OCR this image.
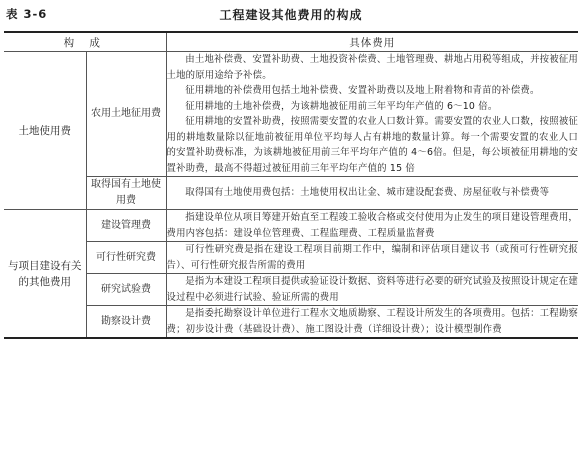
表 3-6	工程建设其他费用的构成
构 成		具体费用
土地使用费	农用土地征用费	由土地补偿费、安置补助费、土地投资补偿费、土地管理费、耕地占用税等组成，并按被征用土地的原用途给予补偿。
征用耕地的补偿费用包括土地补偿费、安置补助费以及地上附着物和青苗的补偿费。
征用耕地的土地补偿费，为该耕地被征用前三年平均年产值的 6～10 倍。
征用耕地的安置补助费，按照需要安置的农业人口数计算。需要安置的农业人口数，按照被征用的耕地数量除以征地前被征用单位平均每人占有耕地的数量计算。每一个需要安置的农业人口的安置补助费标准，为该耕地被征用前三年平均年产值的 4～6倍。但是，每公顷被征用耕地的安置补助费，最高不得超过被征用前三年平均年产值的 15 倍

	取得国有土地使用费	取得国有土地使用费包括：土地使用权出让金、城市建设配套费、房屋征收与补偿费等

与项目建设有关的其他费用	建设管理费	指建设单位从项目筹建开始直至工程竣工验收合格或交付使用为止发生的项目建设管理费用，费用内容包括：建设单位管理费、工程监理费、工程质量监督费

	可行性研究费	可行性研究费是指在建设工程项目前期工作中，编制和评估项目建议书（或预可行性研究报告）、可行性研究报告所需的费用

	研究试验费	是指为本建设工程项目提供或验证设计数据、资料等进行必要的研究试验及按照设计规定在建设过程中必须进行试验、验证所需的费用

	勘察设计费	是指委托勘察设计单位进行工程水文地质勘察、工程设计所发生的各项费用。包括：工程勘察费；初步设计费（基础设计费）、施工图设计费（详细设计费）；设计模型制作费
